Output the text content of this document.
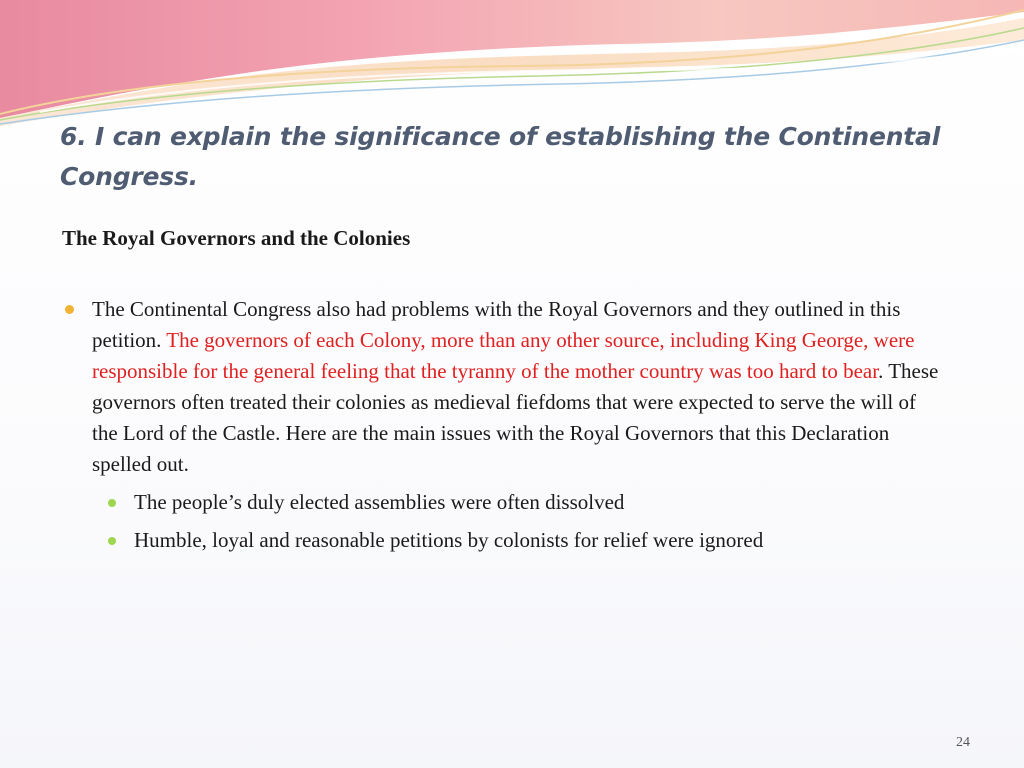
6. I can explain the significance of establishing the Continental Congress.
The Royal Governors and the Colonies
The Continental Congress also had problems with the Royal Governors and they outlined in this petition. The governors of each Colony, more than any other source, including King George, were responsible for the general feeling that the tyranny of the mother country was too hard to bear. These governors often treated their colonies as medieval fiefdoms that were expected to serve the will of the Lord of the Castle. Here are the main issues with the Royal Governors that this Declaration spelled out.
The people’s duly elected assemblies were often dissolved
Humble, loyal and reasonable petitions by colonists for relief were ignored
24
